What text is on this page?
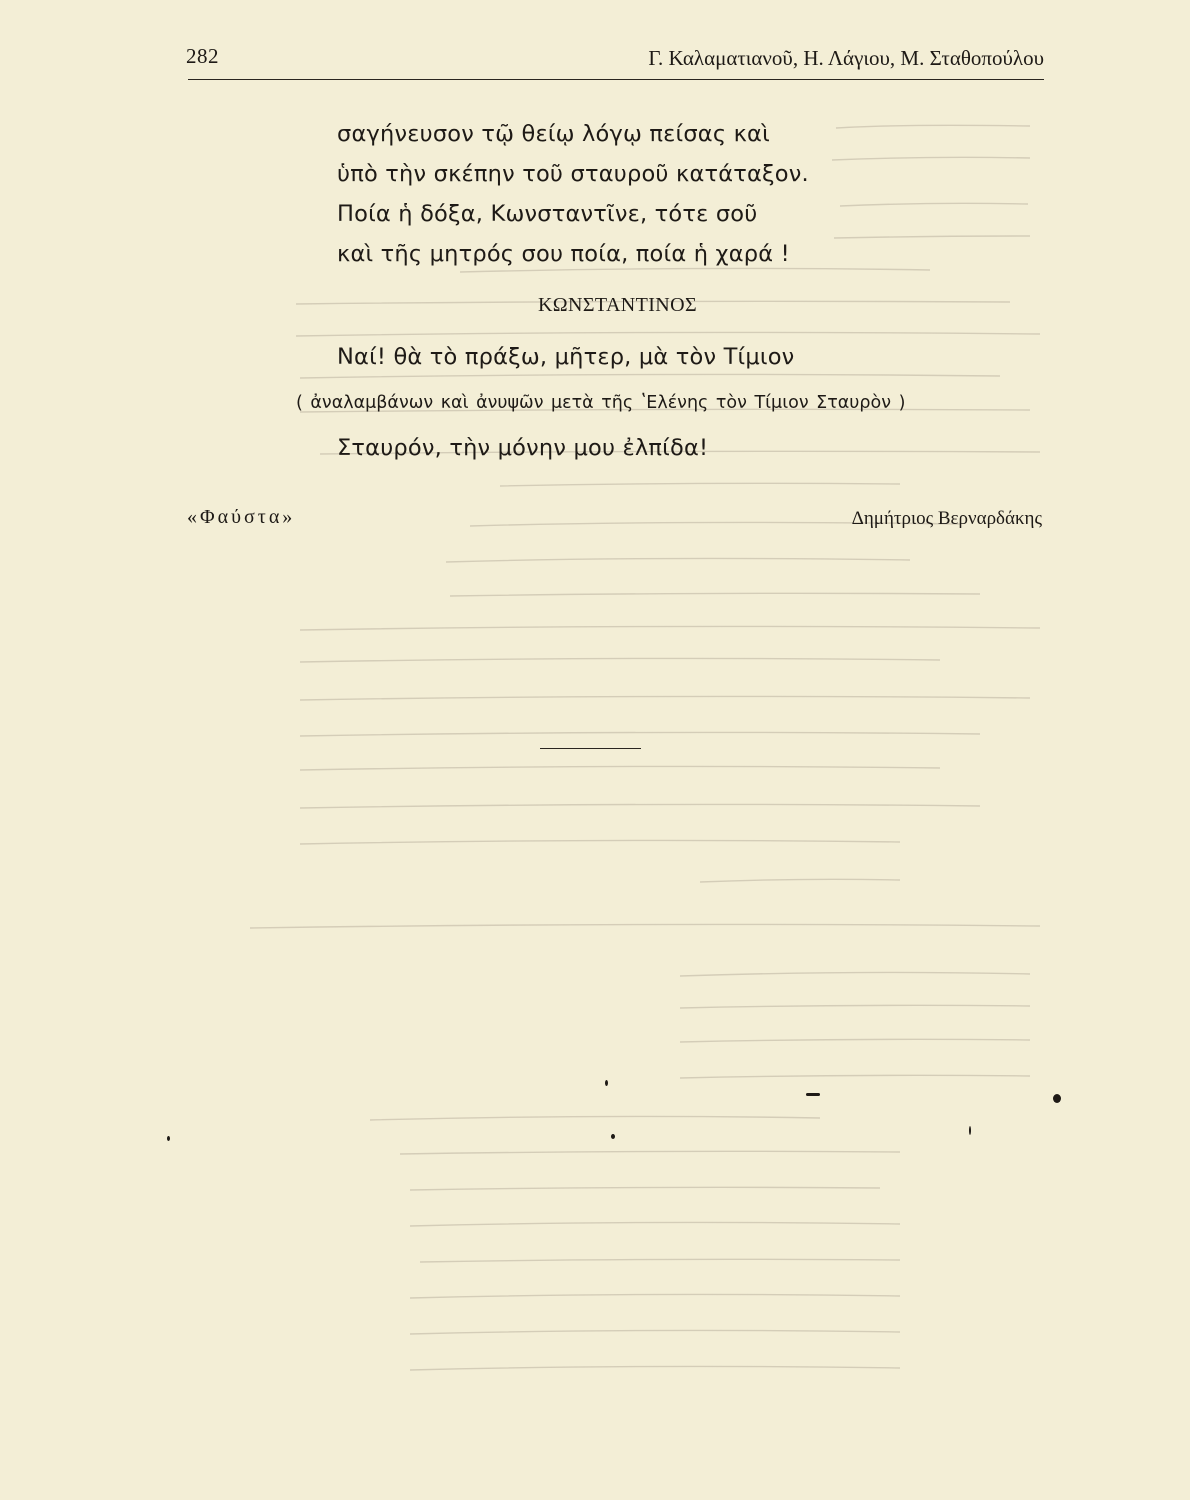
282	Γ. Καλαματιανοῦ, Η. Λάγιου, Μ. Σταθοπούλου
σαγήνευσον τῷ θείῳ λόγῳ πείσας καὶ
ὑπὸ τὴν σκέπην τοῦ σταυροῦ κατάταξον.
Ποία ἡ δόξα, Κωνσταντῖνε, τότε σοῦ
καὶ τῆς μητρός σου ποία, ποία ἡ χαρά !
ΚΩΝΣΤΑΝΤΙΝΟΣ
Ναί! θὰ τὸ πράξω, μῆτερ, μὰ τὸν Τίμιον
( ἀναλαμβάνων καὶ ἀνυψῶν μετὰ τῆς ʽΕλένης τὸν Τίμιον Σταυρὸν )
Σταυρόν, τὴν μόνην μου ἐλπίδα!
«Φαύστα»	Δημήτριος Βερναρδάκης
